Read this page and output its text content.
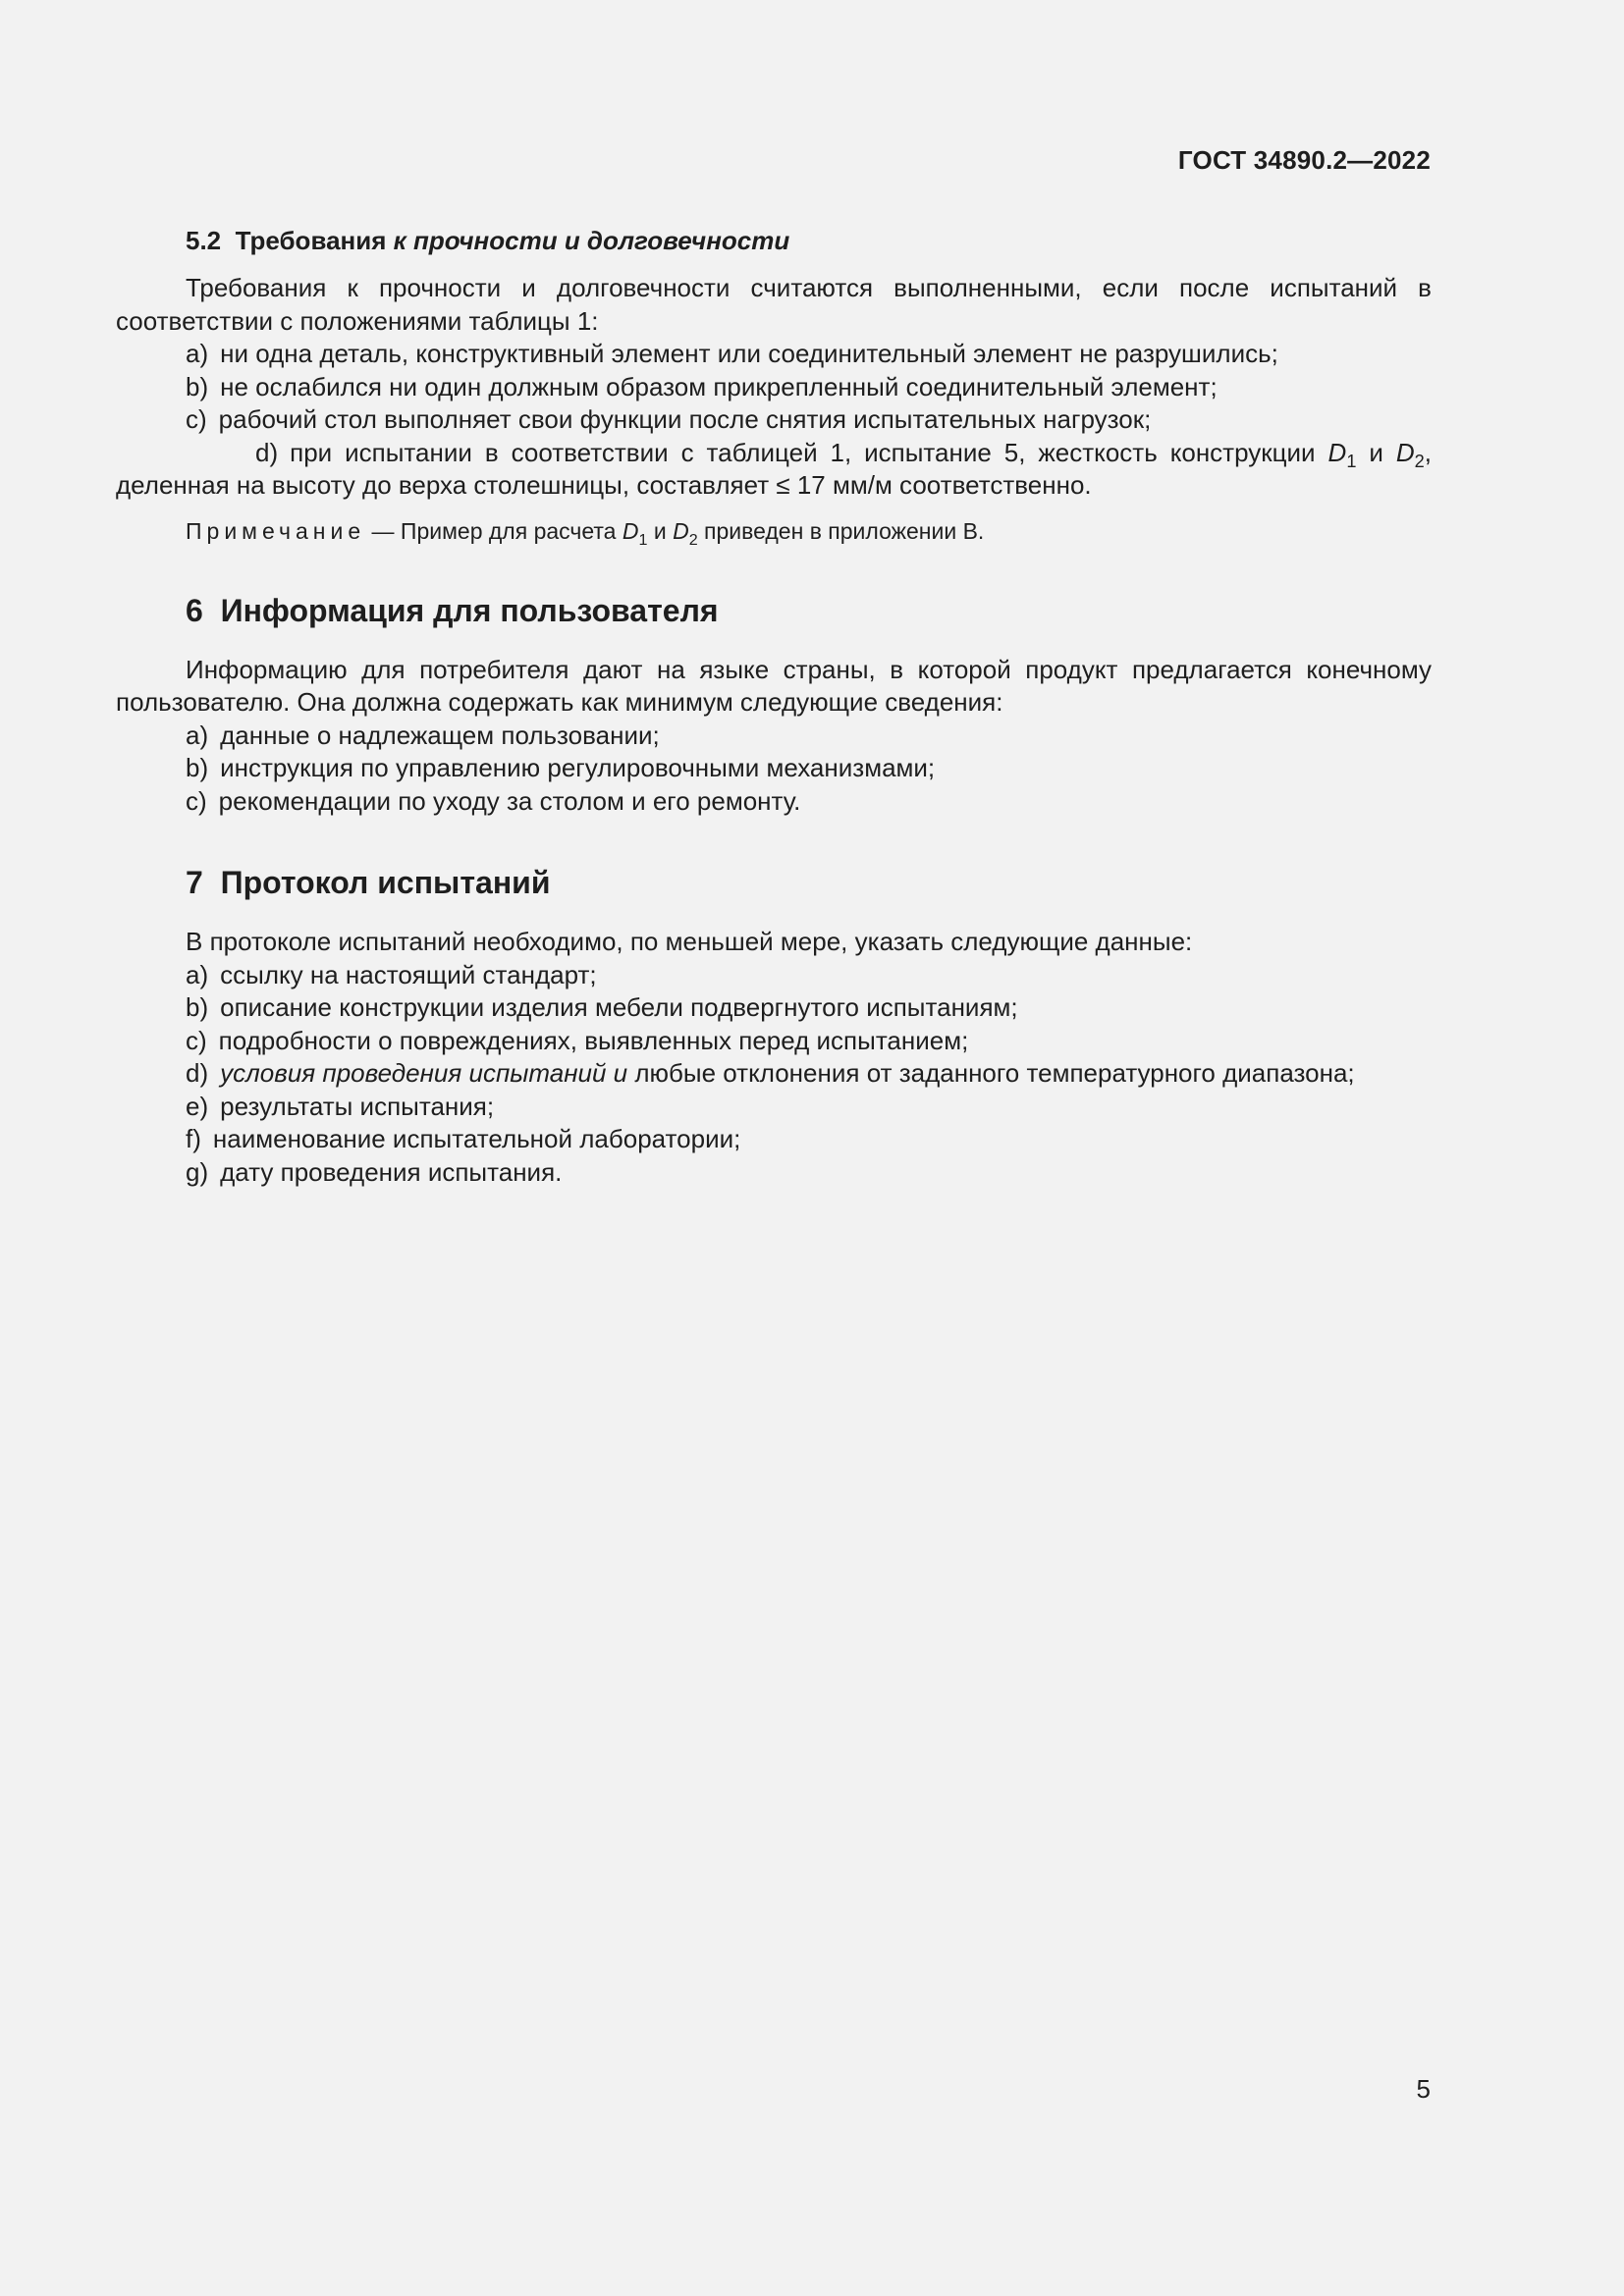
ГОСТ 34890.2—2022
5.2 Требования к прочности и долговечности

Требования к прочности и долговечности считаются выполненными, если после испытаний в соответствии с положениями таблицы 1:

a) ни одна деталь, конструктивный элемент или соединительный элемент не разрушились;

b) не ослабился ни один должным образом прикрепленный соединительный элемент;

c) рабочий стол выполняет свои функции после снятия испытательных нагрузок;

d) при испытании в соответствии с таблицей 1, испытание 5, жесткость конструкции $D_1$ и $D_2$, деленная на высоту до верха столешницы, составляет ≤ 17 мм/м соответственно.

Примечание — Пример для расчета $D_1$ и $D_2$ приведен в приложении В.

6 Информация для пользователя

Информацию для потребителя дают на языке страны, в которой продукт предлагается конечному пользователю. Она должна содержать как минимум следующие сведения:

a) данные о надлежащем пользовании;

b) инструкция по управлению регулировочными механизмами;

c) рекомендации по уходу за столом и его ремонту.

7 Протокол испытаний

В протоколе испытаний необходимо, по меньшей мере, указать следующие данные:

a) ссылку на настоящий стандарт;

b) описание конструкции изделия мебели подвергнутого испытаниям;

c) подробности о повреждениях, выявленных перед испытанием;

d) условия проведения испытаний и любые отклонения от заданного температурного диапазона;

e) результаты испытания;

f) наименование испытательной лаборатории;

g) дату проведения испытания.

5
